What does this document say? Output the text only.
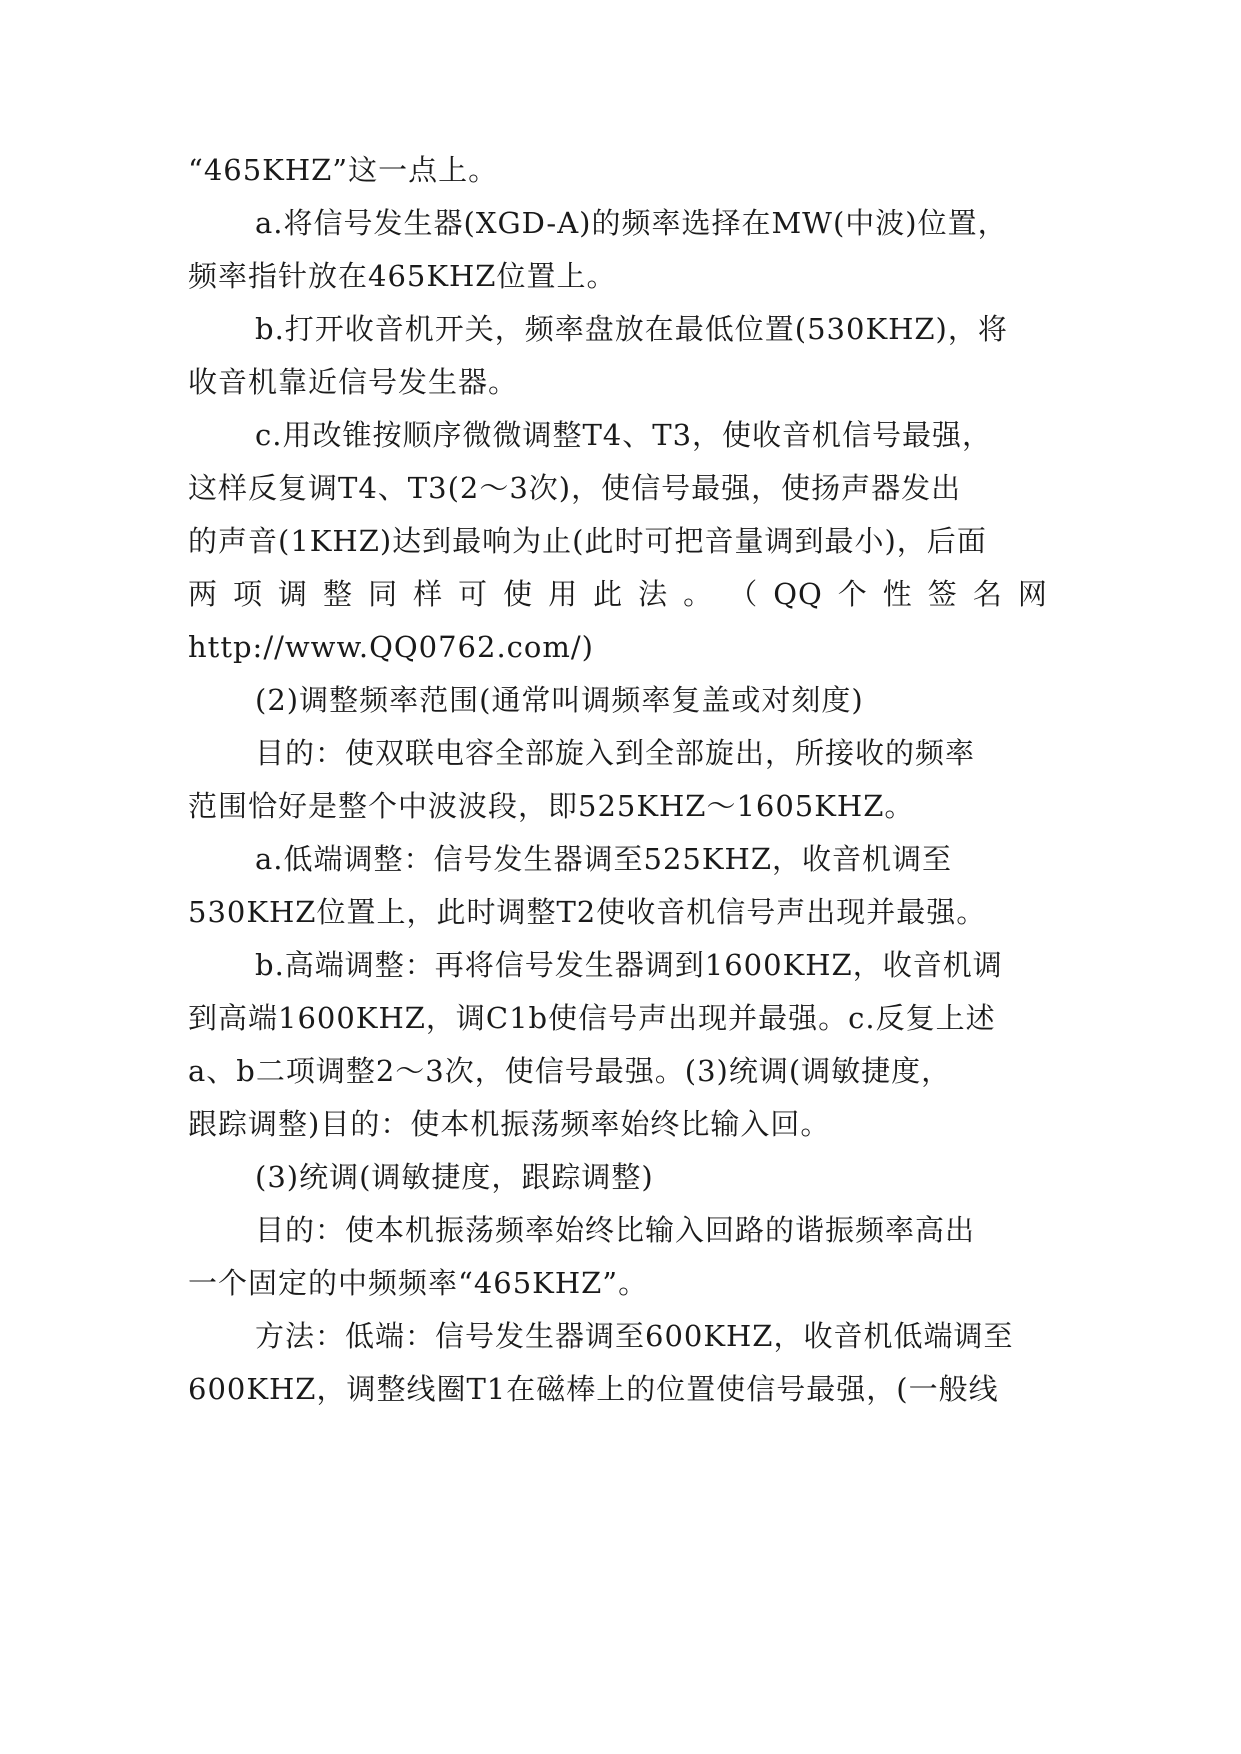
“465KHZ”这一点上。
a.将信号发生器(XGD-A)的频率选择在MW(中波)位置，
频率指针放在465KHZ位置上。
b.打开收音机开关，频率盘放在最低位置(530KHZ)，将
收音机靠近信号发生器。
c.用改锥按顺序微微调整T4、T3，使收音机信号最强，
这样反复调T4、T3(2～3次)，使信号最强，使扬声器发出
的声音(1KHZ)达到最响为止(此时可把音量调到最小)，后面
两 项 调 整 同 样 可 使 用 此 法 。 （ QQ 个 性 签 名 网
http://www.QQ0762.com/)
(2)调整频率范围(通常叫调频率复盖或对刻度)
目的：使双联电容全部旋入到全部旋出，所接收的频率
范围恰好是整个中波波段，即525KHZ～1605KHZ。
a.低端调整：信号发生器调至525KHZ，收音机调至
530KHZ位置上，此时调整T2使收音机信号声出现并最强。
b.高端调整：再将信号发生器调到1600KHZ，收音机调
到高端1600KHZ，调C1b使信号声出现并最强。c.反复上述
a、b二项调整2～3次，使信号最强。(3)统调(调敏捷度，
跟踪调整)目的：使本机振荡频率始终比输入回。
(3)统调(调敏捷度，跟踪调整)
目的：使本机振荡频率始终比输入回路的谐振频率高出
一个固定的中频频率“465KHZ”。
方法：低端：信号发生器调至600KHZ，收音机低端调至
600KHZ，调整线圈T1在磁棒上的位置使信号最强，(一般线
